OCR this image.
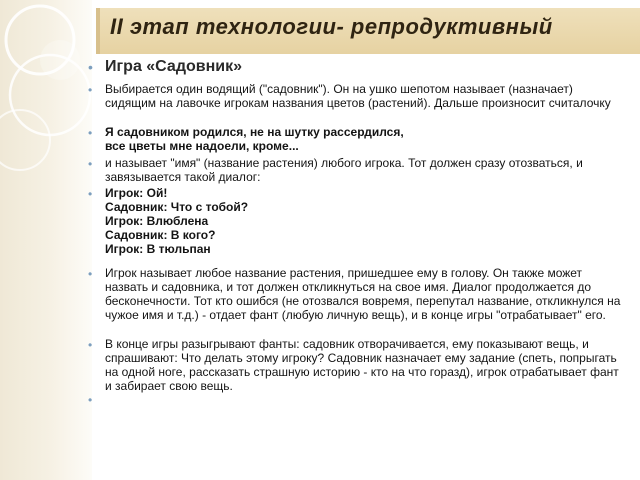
II этап технологии- репродуктивный
• Игра «Садовник»
•	Выбирается один водящий ("садовник"). Он на ушко шепотом называет (назначает) сидящим на лавочке игрокам названия цветов (растений). Дальше произносит считалочку
•	Я садовником родился, не на шутку рассердился,
все цветы мне надоели, кроме...
•	и называет "имя" (название растения) любого игрока. Тот должен сразу отозваться, и завязывается такой диалог:
•	Игрок: Ой!
Садовник: Что с тобой?
Игрок: Влюблена
Садовник: В кого?
Игрок: В тюльпан
•	Игрок называет любое название растения, пришедшее ему в голову. Он также может назвать и садовника, и тот должен откликнуться на свое имя. Диалог продолжается до бесконечности. Тот кто ошибся (не отозвался вовремя, перепутал название, откликнулся на чужое имя и т.д.) - отдает фант (любую личную вещь), и в конце игры "отрабатывает" его.
•	В конце игры разыгрывают фанты: садовник отворачивается, ему показывают вещь, и спрашивают: Что делать этому игроку? Садовник назначает ему задание (спеть, попрыгать на одной ноге, рассказать страшную историю - кто на что горазд), игрок отрабатывает фант и забирает свою вещь.
•
